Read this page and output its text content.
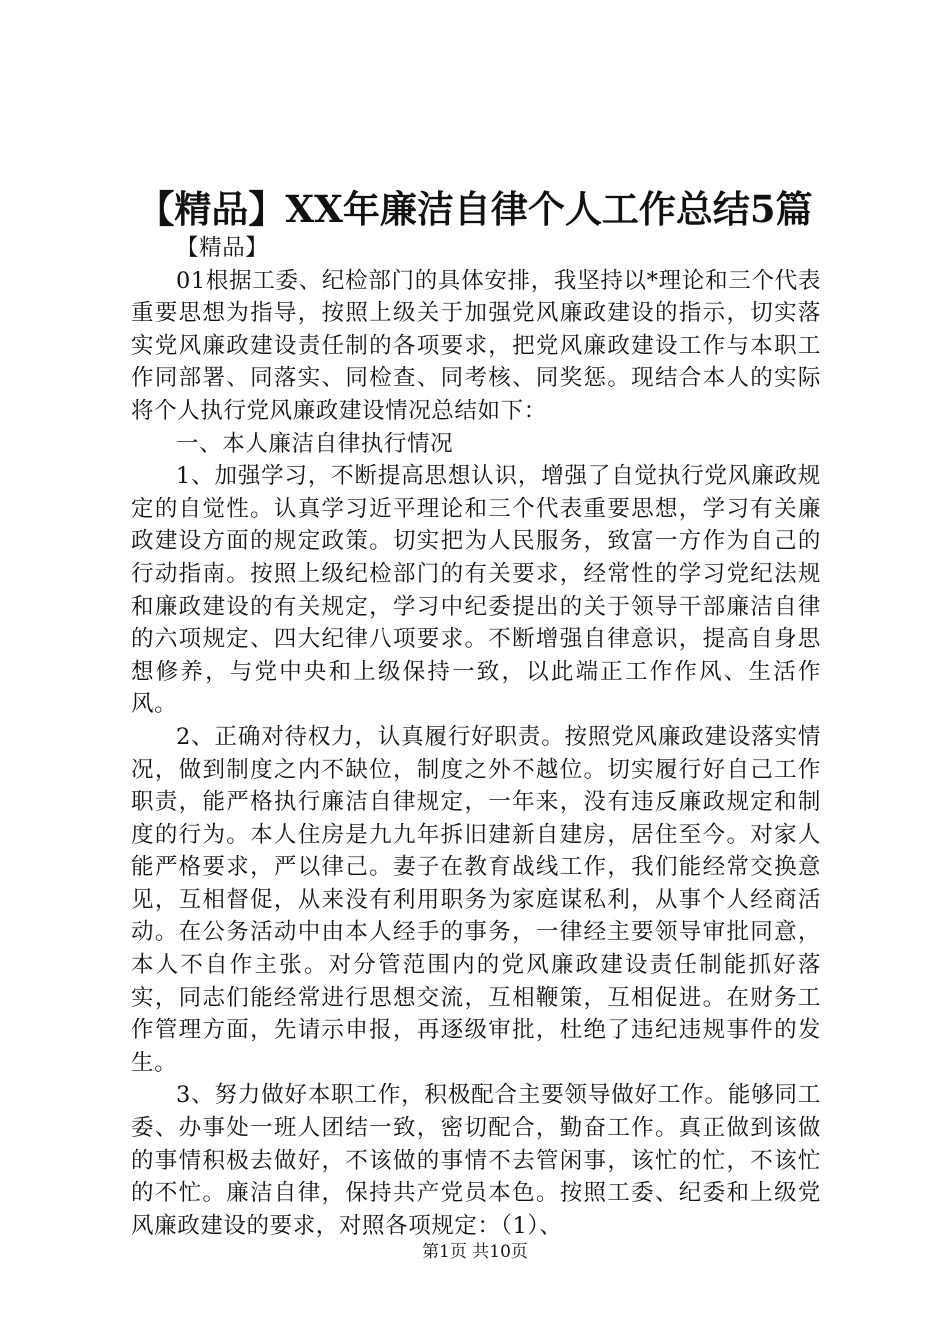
【精品】XX年廉洁自律个人工作总结5篇

【精品】

01根据工委、纪检部门的具体安排，我坚持以*理论和三个代表重要思想为指导，按照上级关于加强党风廉政建设的指示，切实落实党风廉政建设责任制的各项要求，把党风廉政建设工作与本职工作同部署、同落实、同检查、同考核、同奖惩。现结合本人的实际将个人执行党风廉政建设情况总结如下：

一、本人廉洁自律执行情况

1、加强学习，不断提高思想认识，增强了自觉执行党风廉政规定的自觉性。认真学习近平理论和三个代表重要思想，学习有关廉政建设方面的规定政策。切实把为人民服务，致富一方作为自己的行动指南。按照上级纪检部门的有关要求，经常性的学习党纪法规和廉政建设的有关规定，学习中纪委提出的关于领导干部廉洁自律的六项规定、四大纪律八项要求。不断增强自律意识，提高自身思想修养，与党中央和上级保持一致，以此端正工作作风、生活作风。

2、正确对待权力，认真履行好职责。按照党风廉政建设落实情况，做到制度之内不缺位，制度之外不越位。切实履行好自己工作职责，能严格执行廉洁自律规定，一年来，没有违反廉政规定和制度的行为。本人住房是九九年拆旧建新自建房，居住至今。对家人能严格要求，严以律己。妻子在教育战线工作，我们能经常交换意见，互相督促，从来没有利用职务为家庭谋私利，从事个人经商活动。在公务活动中由本人经手的事务，一律经主要领导审批同意，本人不自作主张。对分管范围内的党风廉政建设责任制能抓好落实，同志们能经常进行思想交流，互相鞭策，互相促进。在财务工作管理方面，先请示申报，再逐级审批，杜绝了违纪违规事件的发生。

3、努力做好本职工作，积极配合主要领导做好工作。能够同工委、办事处一班人团结一致，密切配合，勤奋工作。真正做到该做的事情积极去做好，不该做的事情不去管闲事，该忙的忙，不该忙的不忙。廉洁自律，保持共产党员本色。按照工委、纪委和上级党风廉政建设的要求，对照各项规定：（1）、

第1页 共10页
